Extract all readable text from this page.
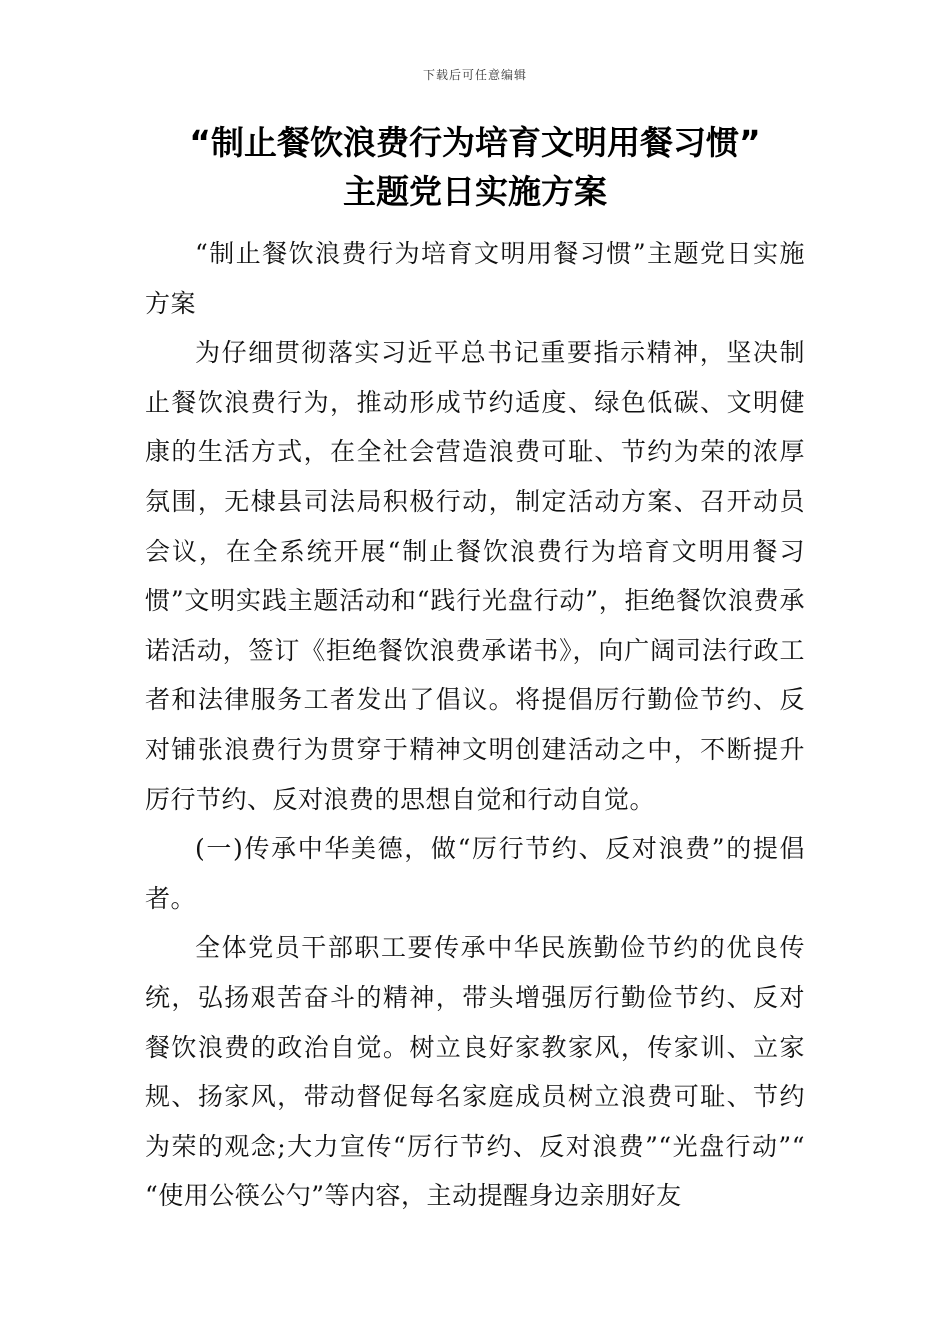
下载后可任意编辑
“制止餐饮浪费行为培育文明用餐习惯”
主题党日实施方案

“制止餐饮浪费行为培育文明用餐习惯”主题党日实施方案

为仔细贯彻落实习近平总书记重要指示精神，坚决制止餐饮浪费行为，推动形成节约适度、绿色低碳、文明健康的生活方式，在全社会营造浪费可耻、节约为荣的浓厚氛围，无棣县司法局积极行动，制定活动方案、召开动员会议，在全系统开展“制止餐饮浪费行为培育文明用餐习惯”文明实践主题活动和“践行光盘行动”，拒绝餐饮浪费承诺活动，签订《拒绝餐饮浪费承诺书》，向广阔司法行政工者和法律服务工者发出了倡议。将提倡厉行勤俭节约、反对铺张浪费行为贯穿于精神文明创建活动之中，不断提升厉行节约、反对浪费的思想自觉和行动自觉。

(一)传承中华美德，做“厉行节约、反对浪费”的提倡者。

全体党员干部职工要传承中华民族勤俭节约的优良传统，弘扬艰苦奋斗的精神，带头增强厉行勤俭节约、反对餐饮浪费的政治自觉。树立良好家教家风，传家训、立家规、扬家风，带动督促每名家庭成员树立浪费可耻、节约为荣的观念;大力宣传“厉行节约、反对浪费”“光盘行动”“ “使用公筷公勺”等内容，主动提醒身边亲朋好友
